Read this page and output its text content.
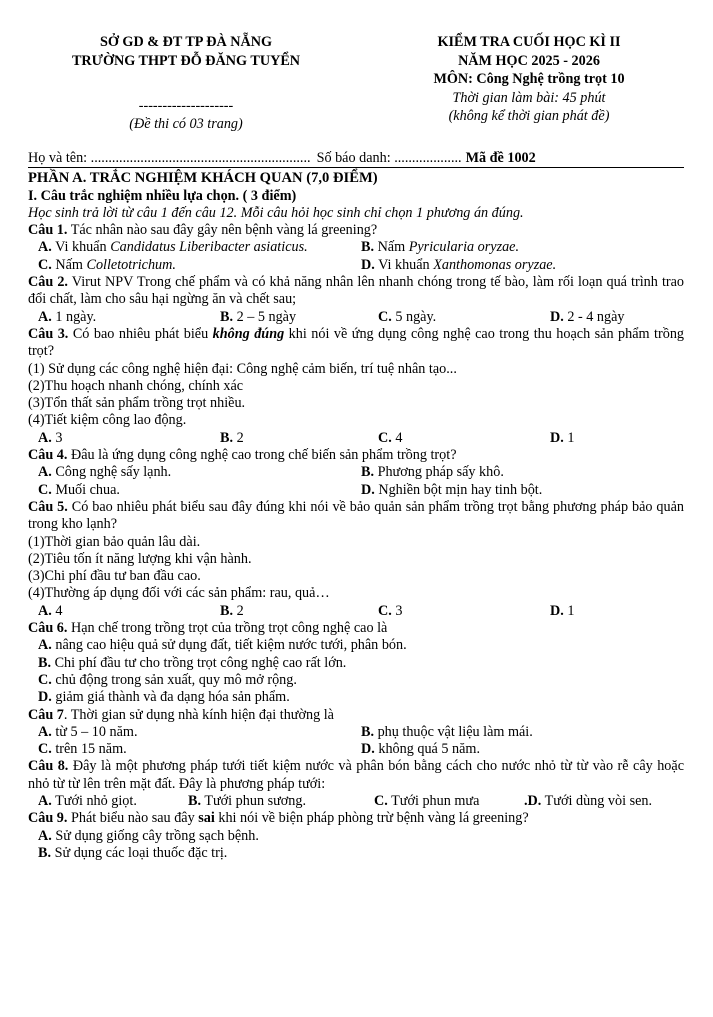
SỞ GD & ĐT TP ĐÀ NẴNG
TRƯỜNG THPT ĐỖ ĐĂNG TUYỂN
--------------------
(Đề thi có 03 trang)
KIỂM TRA CUỐI HỌC KÌ II
NĂM HỌC 2025 - 2026
MÔN: Công Nghệ trồng trọt 10
Thời gian làm bài: 45 phút
(không kể thời gian phát đề)
Họ và tên: .............................................................. Số báo danh: ................... Mã đề 1002
PHẦN A. TRẮC NGHIỆM KHÁCH QUAN (7,0 ĐIỂM)
I. Câu trắc nghiệm nhiều lựa chọn. ( 3 điểm)
Học sinh trả lời từ câu 1 đến câu 12. Mỗi câu hỏi học sinh chỉ chọn 1 phương án đúng.
Câu 1. Tác nhân nào sau đây gây nên bệnh vàng lá greening?
A. Vi khuẩn Candidatus Liberibacter asiaticus.	B. Nấm Pyricularia oryzae.
C. Nấm Colletotrichum.	D. Vi khuẩn Xanthomonas oryzae.
Câu 2. Virut NPV Trong chế phẩm và có khả năng nhân lên nhanh chóng trong tế bào, làm rối loạn quá trình trao đổi chất, làm cho sâu hại ngừng ăn và chết sau;
A. 1 ngày.	B. 2 – 5 ngày	C. 5 ngày.	D. 2 - 4 ngày
Câu 3. Có bao nhiêu phát biểu không đúng khi nói về ứng dụng công nghệ cao trong thu hoạch sản phẩm trồng trọt?
(1) Sử dụng các công nghệ hiện đại: Công nghệ cảm biến, trí tuệ nhân tạo...
(2)Thu hoạch nhanh chóng, chính xác
(3)Tổn thất sản phẩm trồng trọt nhiều.
(4)Tiết kiệm công lao động.
A. 3	B. 2	C. 4	D. 1
Câu 4. Đâu là ứng dụng công nghệ cao trong chế biến sản phẩm trồng trọt?
A. Công nghệ sấy lạnh.	B. Phương pháp sấy khô.
C. Muối chua.	D. Nghiền bột mịn hay tinh bột.
Câu 5. Có bao nhiêu phát biểu sau đây đúng khi nói về bảo quản sản phẩm trồng trọt bằng phương pháp bảo quản trong kho lạnh?
(1)Thời gian bảo quản lâu dài.
(2)Tiêu tốn ít năng lượng khi vận hành.
(3)Chi phí đầu tư ban đầu cao.
(4)Thường áp dụng đối với các sản phẩm: rau, quả…
A. 4	B. 2	C. 3	D. 1
Câu 6. Hạn chế trong trồng trọt của trồng trọt công nghệ cao là
A. nâng cao hiệu quả sử dụng đất, tiết kiệm nước tưới, phân bón.
B. Chi phí đầu tư cho trồng trọt công nghệ cao rất lớn.
C. chủ động trong sản xuất, quy mô mở rộng.
D. giảm giá thành và đa dạng hóa sản phẩm.
Câu 7. Thời gian sử dụng nhà kính hiện đại thường là
A. từ 5 – 10 năm.	B. phụ thuộc vật liệu làm mái.
C. trên 15 năm.	D. không quá 5 năm.
Câu 8. Đây là một phương pháp tưới tiết kiệm nước và phân bón bằng cách cho nước nhỏ từ từ vào rễ cây hoặc nhỏ từ từ lên trên mặt đất. Đây là phương pháp tưới:
A. Tưới nhỏ giọt.	B. Tưới phun sương.	C. Tưới phun mưa	.D. Tưới dùng vòi sen.
Câu 9. Phát biểu nào sau đây sai khi nói về biện pháp phòng trừ bệnh vàng lá greening?
A. Sử dụng giống cây trồng sạch bệnh.
B. Sử dụng các loại thuốc đặc trị.
